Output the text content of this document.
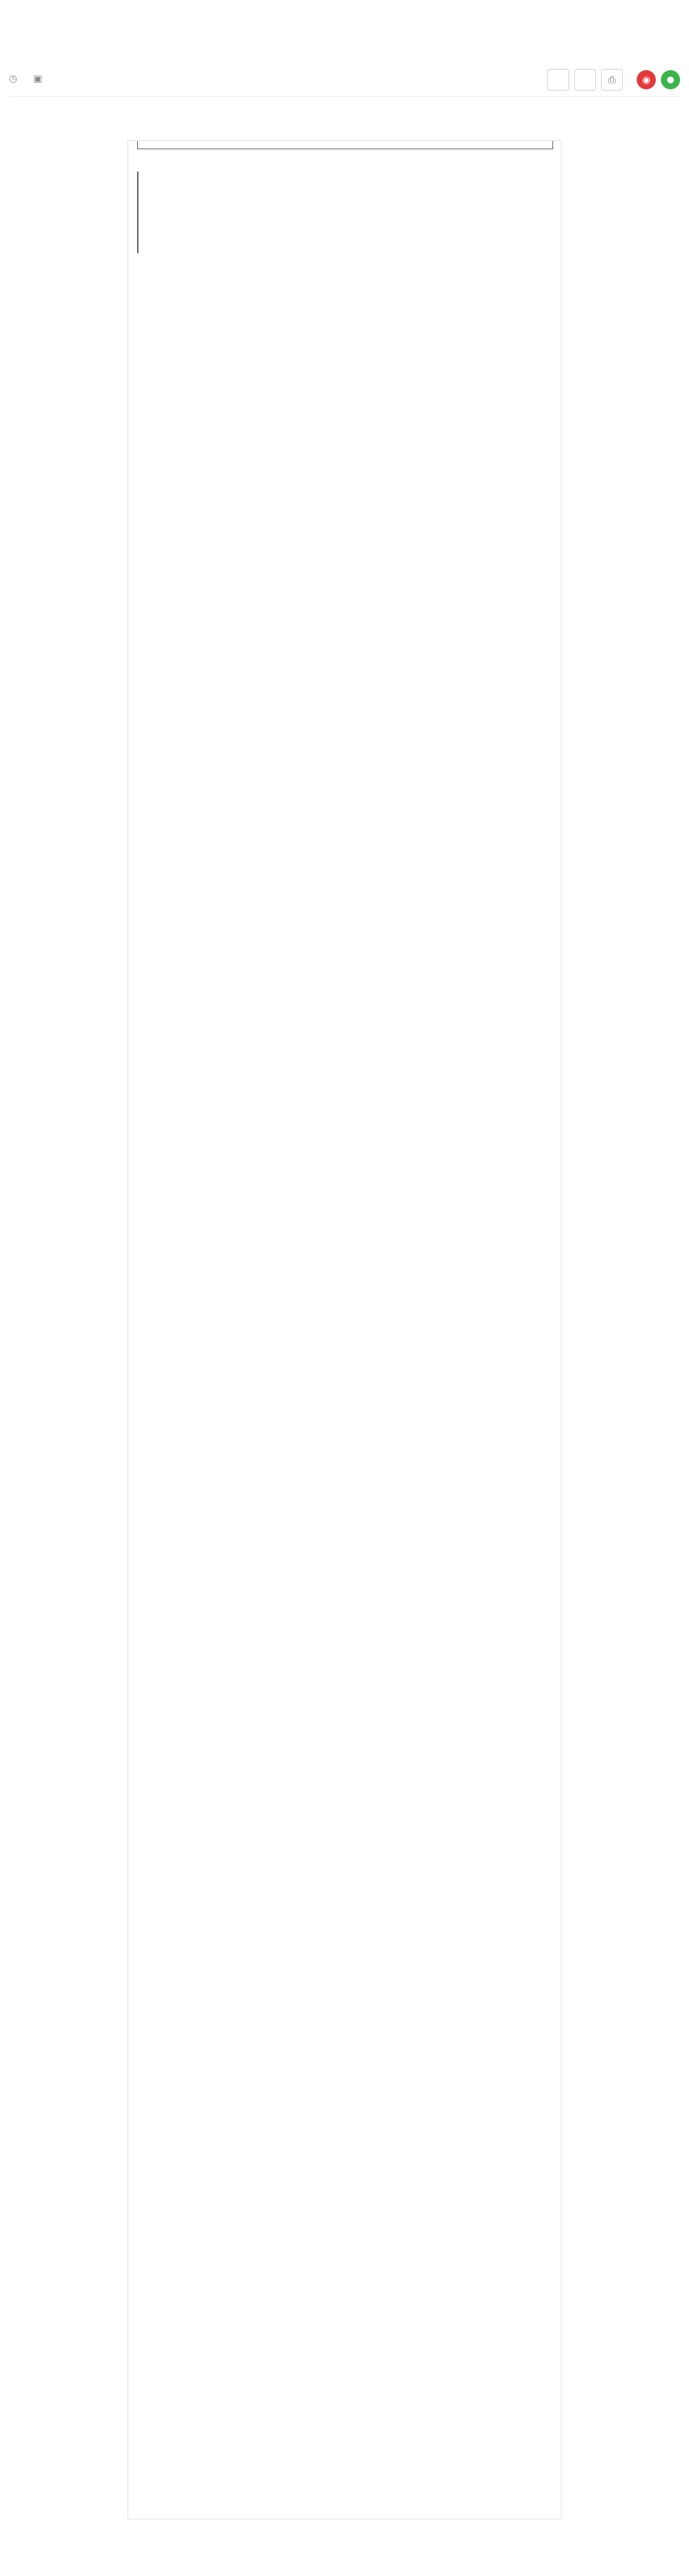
◷ ▣	⎙	◉	●
